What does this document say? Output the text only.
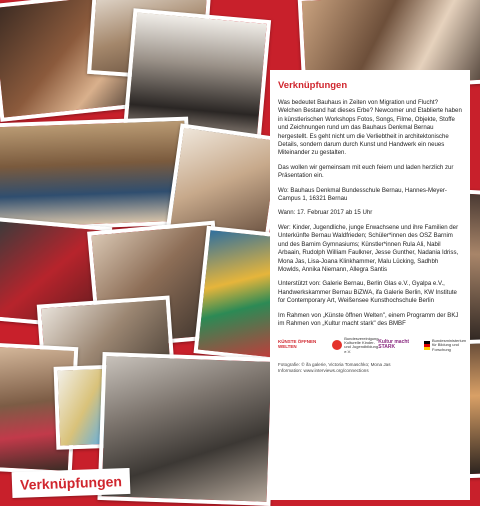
Verknüpfungen

Was bedeutet Bauhaus in Zeiten von Migration und Flucht? Welchen Bestand hat dieses Erbe? Newcomer und Etablierte haben in künstlerischen Workshops Fotos, Songs, Filme, Objekte, Stoffe und Zeichnungen rund um das Bauhaus Denkmal Bernau hergestellt. Es geht nicht um die Verliebtheit in architektonische Details, sondern darum durch Kunst und Handwerk ein neues Miteinander zu gestalten.

Das wollen wir gemeinsam mit euch feiern und laden herzlich zur Präsentation ein.

Wo: Bauhaus Denkmal Bundesschule Bernau, Hannes-Meyer-Campus 1, 16321 Bernau

Wann: 17. Februar 2017 ab 15 Uhr

Wer: Kinder, Jugendliche, junge Erwachsene und ihre Familien der Unterkünfte Bernau Waldfrieden; Schüler*innen des OSZ Barnim und des Barnim Gymnasiums; Künstler*innen Rula Ali, Nabil Arbaain, Rudolph William Faulkner, Jesse Gunther, Nadania Idriss, Mona Jas, Lisa-Joana Klinkhammer, Malu Lücking, Sadhbh Mowlds, Annika Niemann, Allegra Santis

Unterstützt von: Galerie Bernau, Berlin Glas e.V., Gyalpa e.V., Handwerkskammer Bernau BiZWA, ifa Galerie Berlin, KW Institute for Contemporary Art, Weißensee Kunsthochschule Berlin

Im Rahmen von „Künste öffnen Welten", einem Programm der BKJ im Rahmen von „Kultur macht stark" des BMBF

KÜNSTE ÖFFNEN WELTEN
Bundesvereinigung Kulturelle Kinder- und Jugendbildung e.V.
Kultur macht STARK
Bundesministerium für Bildung und Forschung
Fotografie: © ifa galerie, Victoria Tomaschko; Mona Jas
Information: www.interviews.org/connections
Verknüpfungen
